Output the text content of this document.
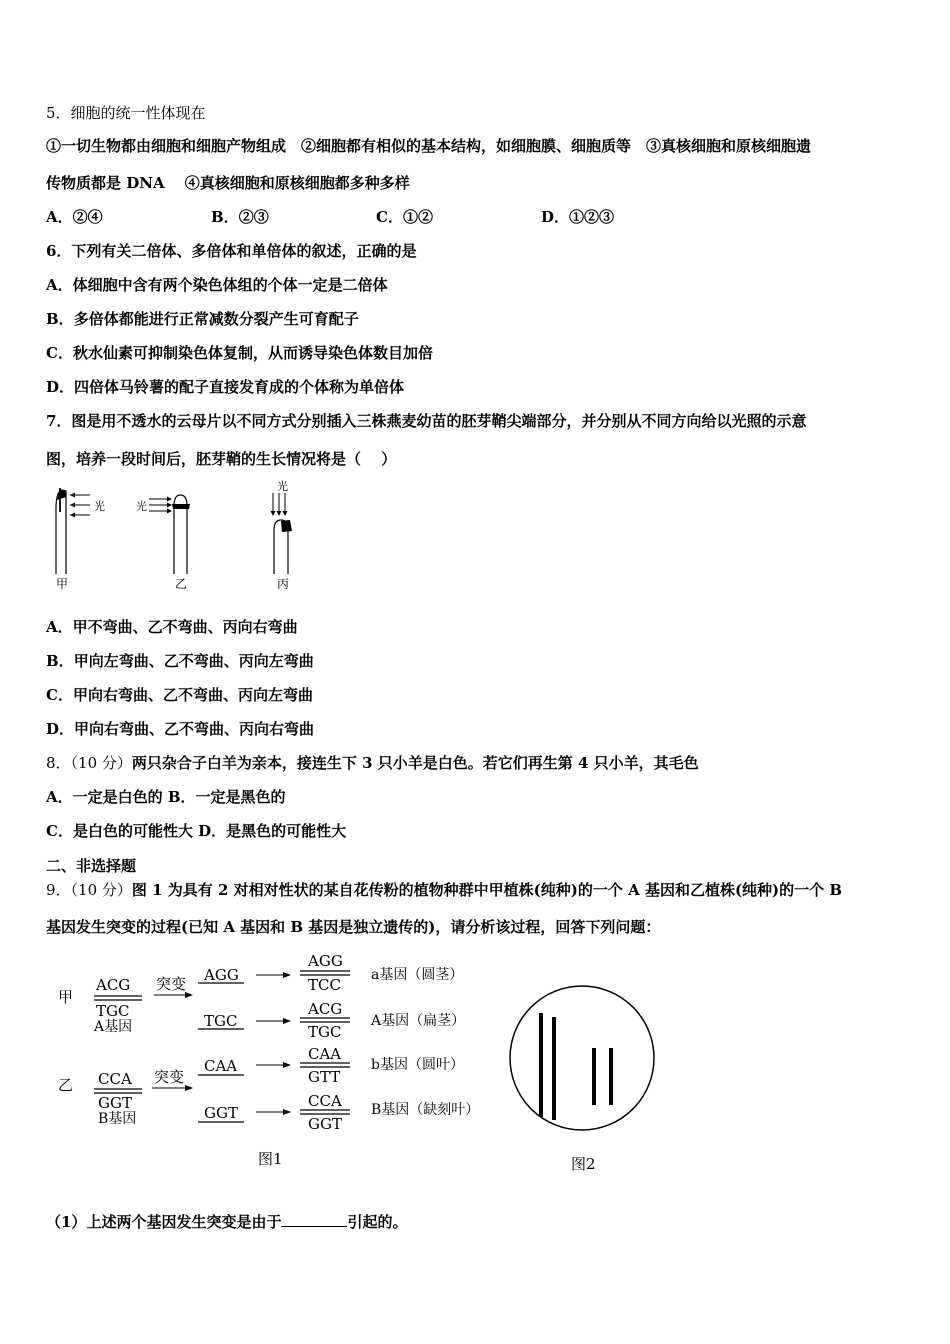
5．细胞的统一性体现在
①一切生物都由细胞和细胞产物组成　②细胞都有相似的基本结构，如细胞膜、细胞质等　③真核细胞和原核细胞遗
传物质都是 DNA　 ④真核细胞和原核细胞都多种多样
A．②④	B．②③	C．①②	D．①②③
6．下列有关二倍体、多倍体和单倍体的叙述，正确的是
A．体细胞中含有两个染色体组的个体一定是二倍体
B．多倍体都能进行正常减数分裂产生可育配子
C．秋水仙素可抑制染色体复制，从而诱导染色体数目加倍
D．四倍体马铃薯的配子直接发育成的个体称为单倍体
7．图是用不透水的云母片以不同方式分别插入三株燕麦幼苗的胚芽鞘尖端部分，并分别从不同方向给以光照的示意
图，培养一段时间后，胚芽鞘的生长情况将是（　 ）
光
甲
光
乙
光
丙
A．甲不弯曲、乙不弯曲、丙向右弯曲
B．甲向左弯曲、乙不弯曲、丙向左弯曲
C．甲向右弯曲、乙不弯曲、丙向左弯曲
D．甲向右弯曲、乙不弯曲、丙向右弯曲
8．（10 分）两只杂合子白羊为亲本，接连生下 3 只小羊是白色。若它们再生第 4 只小羊，其毛色
A．一定是白色的 B．一定是黑色的
C．是白色的可能性大 D．是黑色的可能性大
二、非选择题
9．（10 分）图 1 为具有 2 对相对性状的某自花传粉的植物种群中甲植株(纯种)的一个 A 基因和乙植株(纯种)的一个 B
基因发生突变的过程(已知 A 基因和 B 基因是独立遗传的)，请分析该过程，回答下列问题：
甲
ACG
TGC
A基因
突变 AGG
AGG
TCC
a基因（圆茎）
TGC
ACG
TGC
A基因（扁茎）
乙 CCA
GGT
B基因
突变
CAA
CAA
GTT
b基因（圆叶）
GGT
CCA
GGT
B基因（缺刻叶）
图1	图2
（1）上述两个基因发生突变是由于	引起的。
